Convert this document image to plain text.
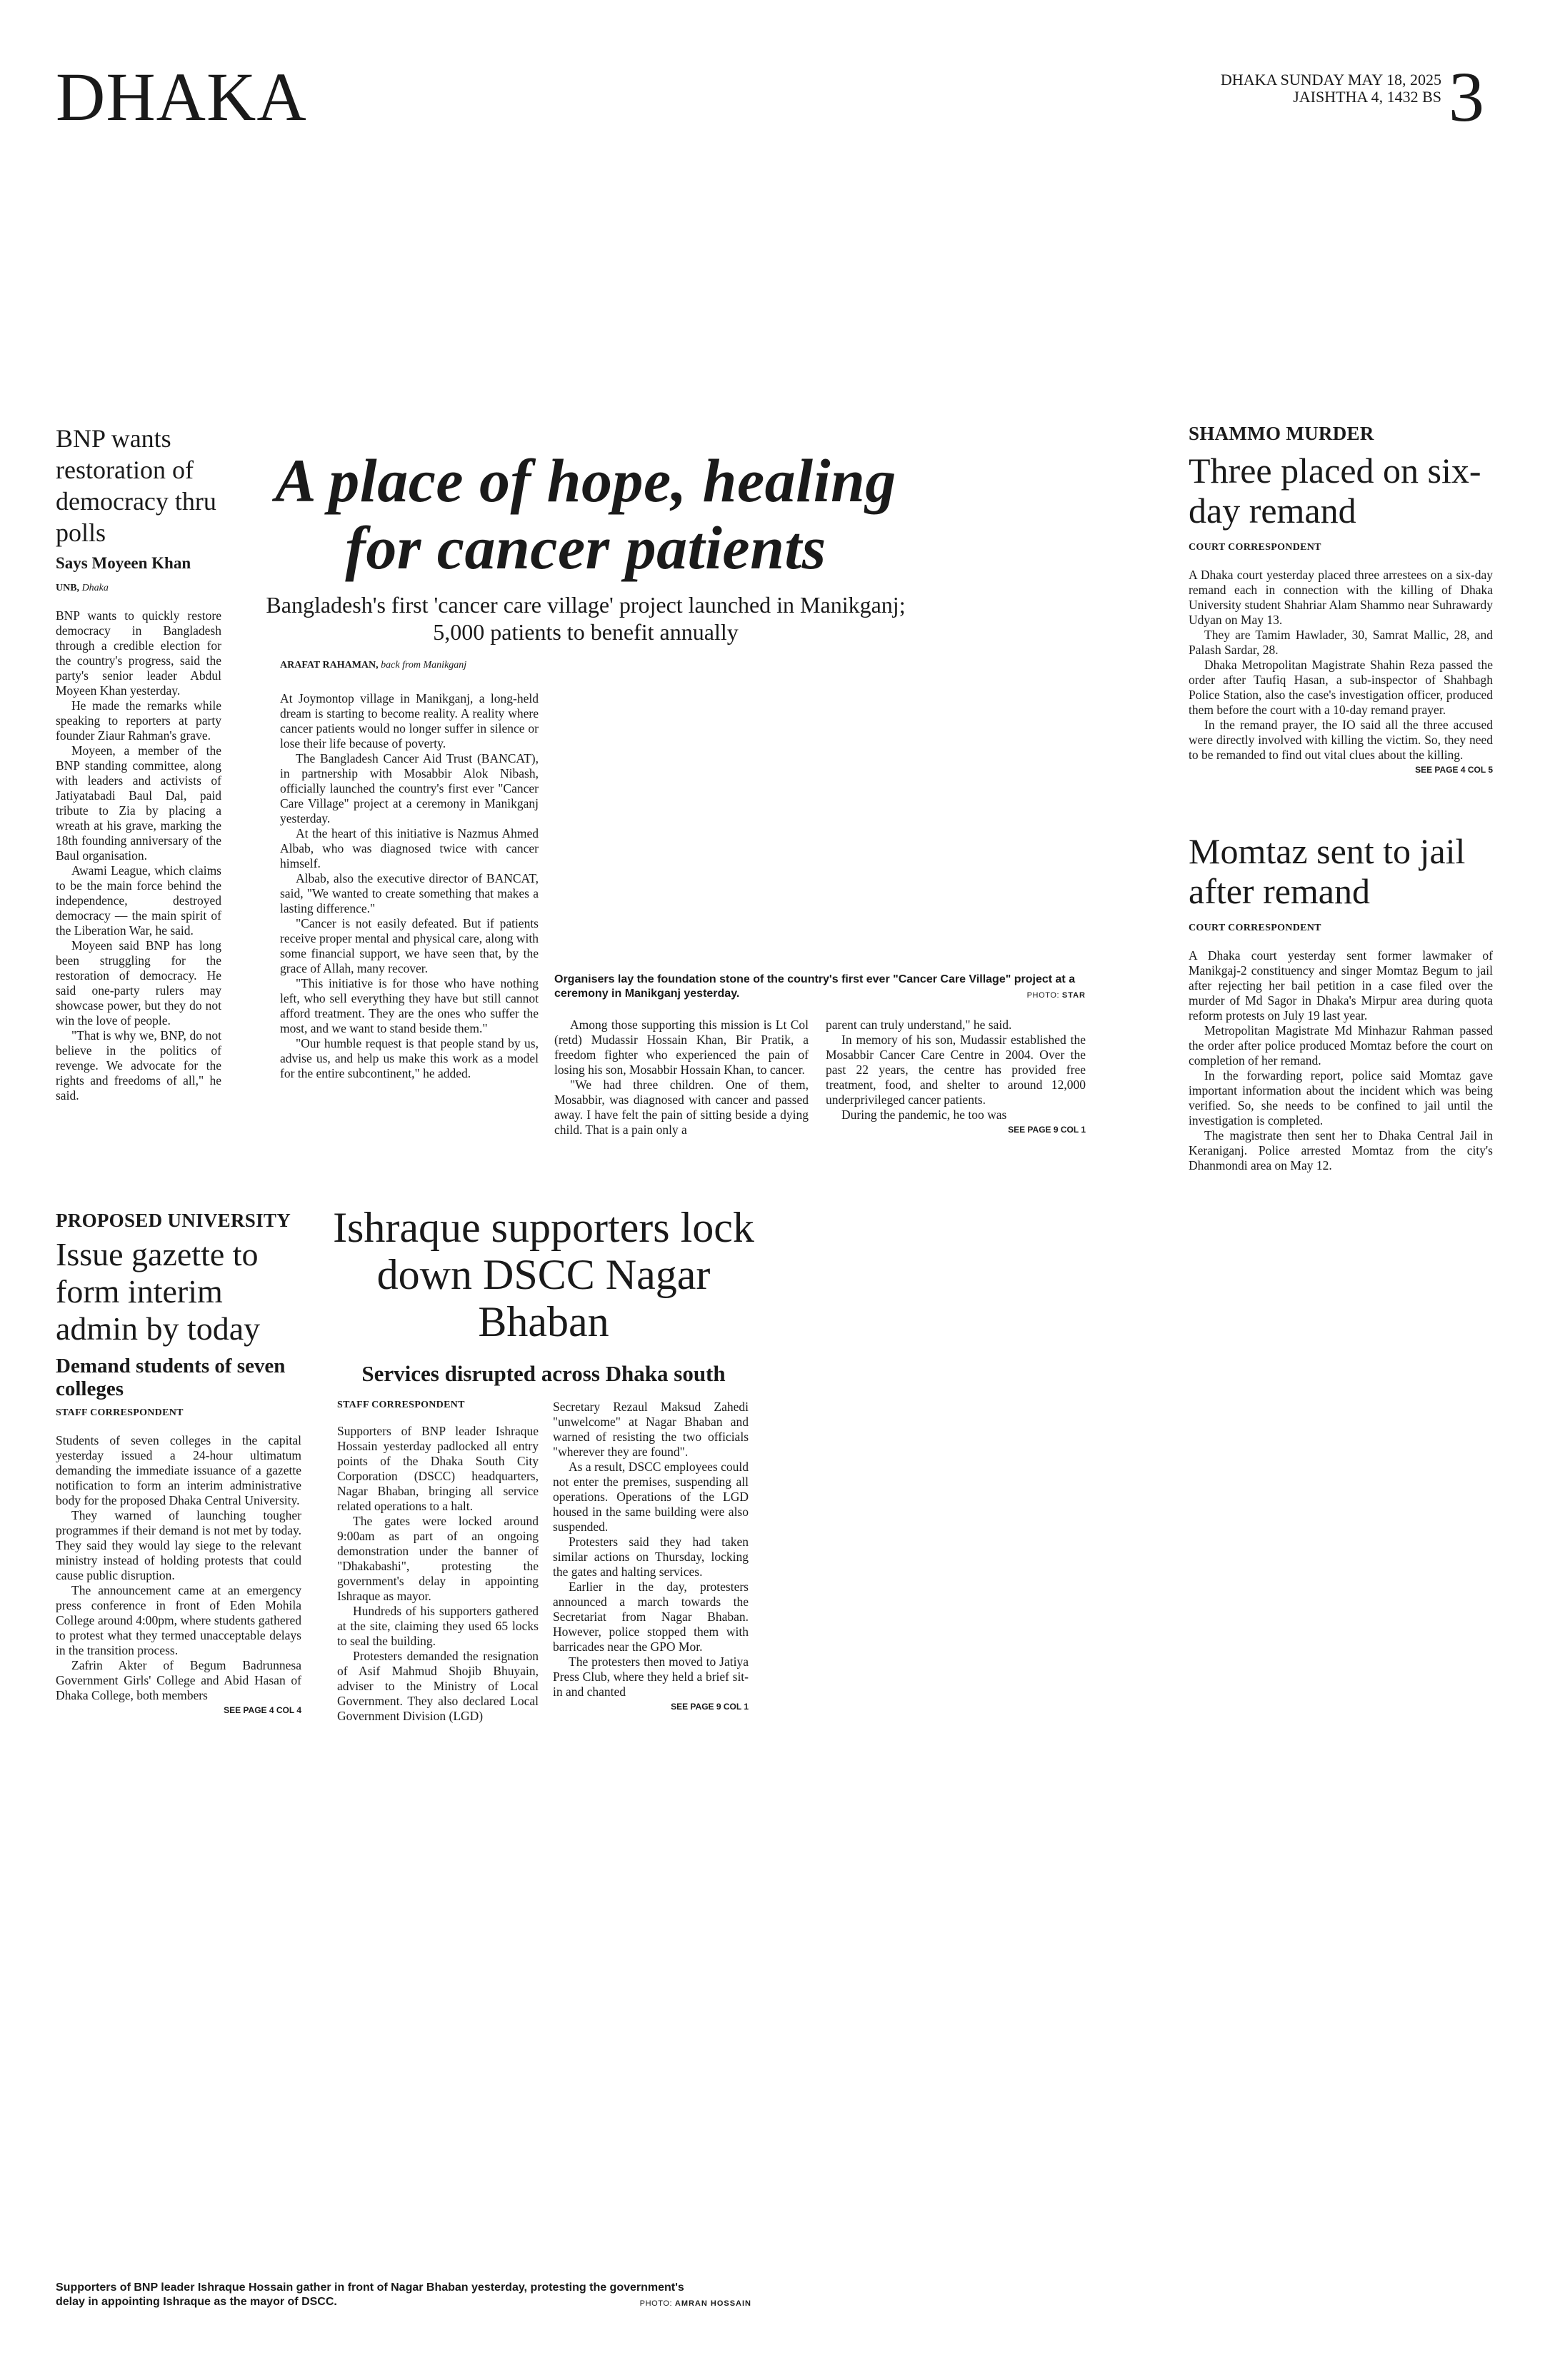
DHAKA	DHAKA SUNDAY MAY 18, 2025
JAISHTHA 4, 1432 BS 3
BNP wants restoration of democracy thru polls
Says Moyeen Khan
UNB, Dhaka

BNP wants to quickly restore democracy in Bangladesh through a credible election for the country's progress, said the party's senior leader Abdul Moyeen Khan yesterday.

He made the remarks while speaking to reporters at party founder Ziaur Rahman's grave.

Moyeen, a member of the BNP standing committee, along with leaders and activists of Jatiyatabadi Baul Dal, paid tribute to Zia by placing a wreath at his grave, marking the 18th founding anniversary of the Baul organisation.

Awami League, which claims to be the main force behind the independence, destroyed democracy — the main spirit of the Liberation War, he said.

Moyeen said BNP has long been struggling for the restoration of democracy. He said one-party rulers may showcase power, but they do not win the love of people.

"That is why we, BNP, do not believe in the politics of revenge. We advocate for the rights and freedoms of all," he said.

A place of hope, healing
for cancer patients
Bangladesh's first 'cancer care village' project launched in Manikganj;
5,000 patients to benefit annually
ARAFAT RAHAMAN, back from Manikganj

At Joymontop village in Manikganj, a long-held dream is starting to become reality. A reality where cancer patients would no longer suffer in silence or lose their life because of poverty.

The Bangladesh Cancer Aid Trust (BANCAT), in partnership with Mosabbir Alok Nibash, officially launched the country's first ever "Cancer Care Village" project at a ceremony in Manikganj yesterday.

At the heart of this initiative is Nazmus Ahmed Albab, who was diagnosed twice with cancer himself.

Albab, also the executive director of BANCAT, said, "We wanted to create something that makes a lasting difference."

"Cancer is not easily defeated. But if patients receive proper mental and physical care, along with some financial support, we have seen that, by the grace of Allah, many recover.

"This initiative is for those who have nothing left, who sell everything they have but still cannot afford treatment. They are the ones who suffer the most, and we want to stand beside them."

"Our humble request is that people stand by us, advise us, and help us make this work as a model for the entire subcontinent," he added.

Organisers lay the foundation stone of the country's first ever "Cancer Care Village" project at a ceremony in Manikganj yesterday.	PHOTO: STAR

Among those supporting this mission is Lt Col (retd) Mudassir Hossain Khan, Bir Pratik, a freedom fighter who experienced the pain of losing his son, Mosabbir Hossain Khan, to cancer.

"We had three children. One of them, Mosabbir, was diagnosed with cancer and passed away. I have felt the pain of sitting beside a dying child. That is a pain only a

parent can truly understand," he said.

In memory of his son, Mudassir established the Mosabbir Cancer Care Centre in 2004. Over the past 22 years, the centre has provided free treatment, food, and shelter to around 12,000 underprivileged cancer patients.

During the pandemic, he too was

SEE PAGE 9 COL 1
SHAMMO MURDER
Three placed on six-day remand
COURT CORRESPONDENT

A Dhaka court yesterday placed three arrestees on a six-day remand each in connection with the killing of Dhaka University student Shahriar Alam Shammo near Suhrawardy Udyan on May 13.

They are Tamim Hawlader, 30, Samrat Mallic, 28, and Palash Sardar, 28.

Dhaka Metropolitan Magistrate Shahin Reza passed the order after Taufiq Hasan, a sub-inspector of Shahbagh Police Station, also the case's investigation officer, produced them before the court with a 10-day remand prayer.

In the remand prayer, the IO said all the three accused were directly involved with killing the victim. So, they need to be remanded to find out vital clues about the killing.

SEE PAGE 4 COL 5
Momtaz sent to jail after remand
COURT CORRESPONDENT

A Dhaka court yesterday sent former lawmaker of Manikgaj-2 constituency and singer Momtaz Begum to jail after rejecting her bail petition in a case filed over the murder of Md Sagor in Dhaka's Mirpur area during quota reform protests on July 19 last year.

Metropolitan Magistrate Md Minhazur Rahman passed the order after police produced Momtaz before the court on completion of her remand.

In the forwarding report, police said Momtaz gave important information about the incident which was being verified. So, she needs to be confined to jail until the investigation is completed.

The magistrate then sent her to Dhaka Central Jail in Keraniganj. Police arrested Momtaz from the city's Dhanmondi area on May 12.

PROPOSED UNIVERSITY
Issue gazette to form interim admin by today
Demand students of seven colleges
STAFF CORRESPONDENT

Students of seven colleges in the capital yesterday issued a 24-hour ultimatum demanding the immediate issuance of a gazette notification to form an interim administrative body for the proposed Dhaka Central University.

They warned of launching tougher programmes if their demand is not met by today. They said they would lay siege to the relevant ministry instead of holding protests that could cause public disruption.

The announcement came at an emergency press conference in front of Eden Mohila College around 4:00pm, where students gathered to protest what they termed unacceptable delays in the transition process.

Zafrin Akter of Begum Badrunnesa Government Girls' College and Abid Hasan of Dhaka College, both members

SEE PAGE 4 COL 4
Ishraque supporters lock down DSCC Nagar Bhaban
Services disrupted across Dhaka south
STAFF CORRESPONDENT

Supporters of BNP leader Ishraque Hossain yesterday padlocked all entry points of the Dhaka South City Corporation (DSCC) headquarters, Nagar Bhaban, bringing all service related operations to a halt.

The gates were locked around 9:00am as part of an ongoing demonstration under the banner of "Dhakabashi", protesting the government's delay in appointing Ishraque as mayor.

Hundreds of his supporters gathered at the site, claiming they used 65 locks to seal the building.

Protesters demanded the resignation of Asif Mahmud Shojib Bhuyain, adviser to the Ministry of Local Government. They also declared Local Government Division (LGD)

Secretary Rezaul Maksud Zahedi "unwelcome" at Nagar Bhaban and warned of resisting the two officials "wherever they are found".

As a result, DSCC employees could not enter the premises, suspending all operations. Operations of the LGD housed in the same building were also suspended.

Protesters said they had taken similar actions on Thursday, locking the gates and halting services.

Earlier in the day, protesters announced a march towards the Secretariat from Nagar Bhaban. However, police stopped them with barricades near the GPO Mor.

The protesters then moved to Jatiya Press Club, where they held a brief sit-in and chanted

SEE PAGE 9 COL 1
Supporters of BNP leader Ishraque Hossain gather in front of Nagar Bhaban yesterday, protesting the government's
delay in appointing Ishraque as the mayor of DSCC.	PHOTO: AMRAN HOSSAIN
